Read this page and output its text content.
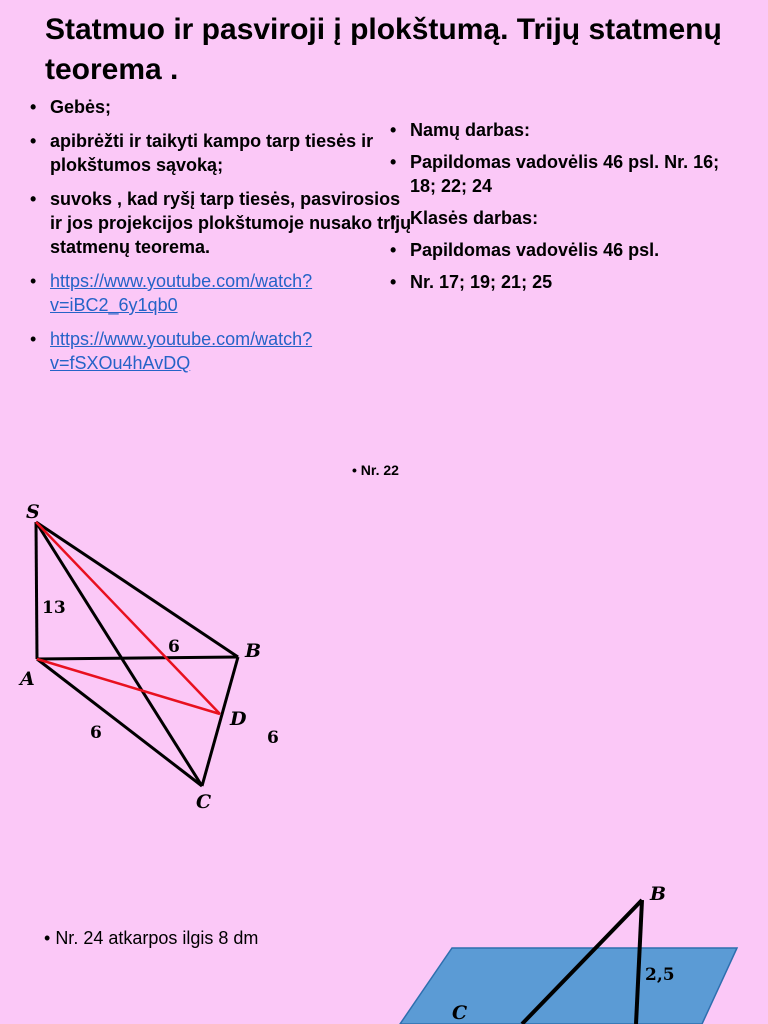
Statmuo ir pasviroji į plokštumą. Trijų statmenų teorema .
• Gebės;
• apibrėžti ir taikyti kampo tarp tiesės ir plokštumos sąvoką;
• suvoks , kad ryšį tarp tiesės, pasvirosios ir jos projekcijos plokštumoje nusako trijų statmenų teorema.
• https://www.youtube.com/watch?v=iBC2_6y1qb0
• https://www.youtube.com/watch?v=fSXOu4hAvDQ
• Namų darbas:
• Papildomas vadovėlis 46 psl. Nr. 16; 18; 22; 24
• Klasės darbas:
• Papildomas vadovėlis 46 psl.
• Nr. 17; 19; 21; 25
• Nr. 22
• Nr. 24 atkarpos ilgis 8 dm
S
A
B
D
C
13
6
6	6
B
C
2,5
